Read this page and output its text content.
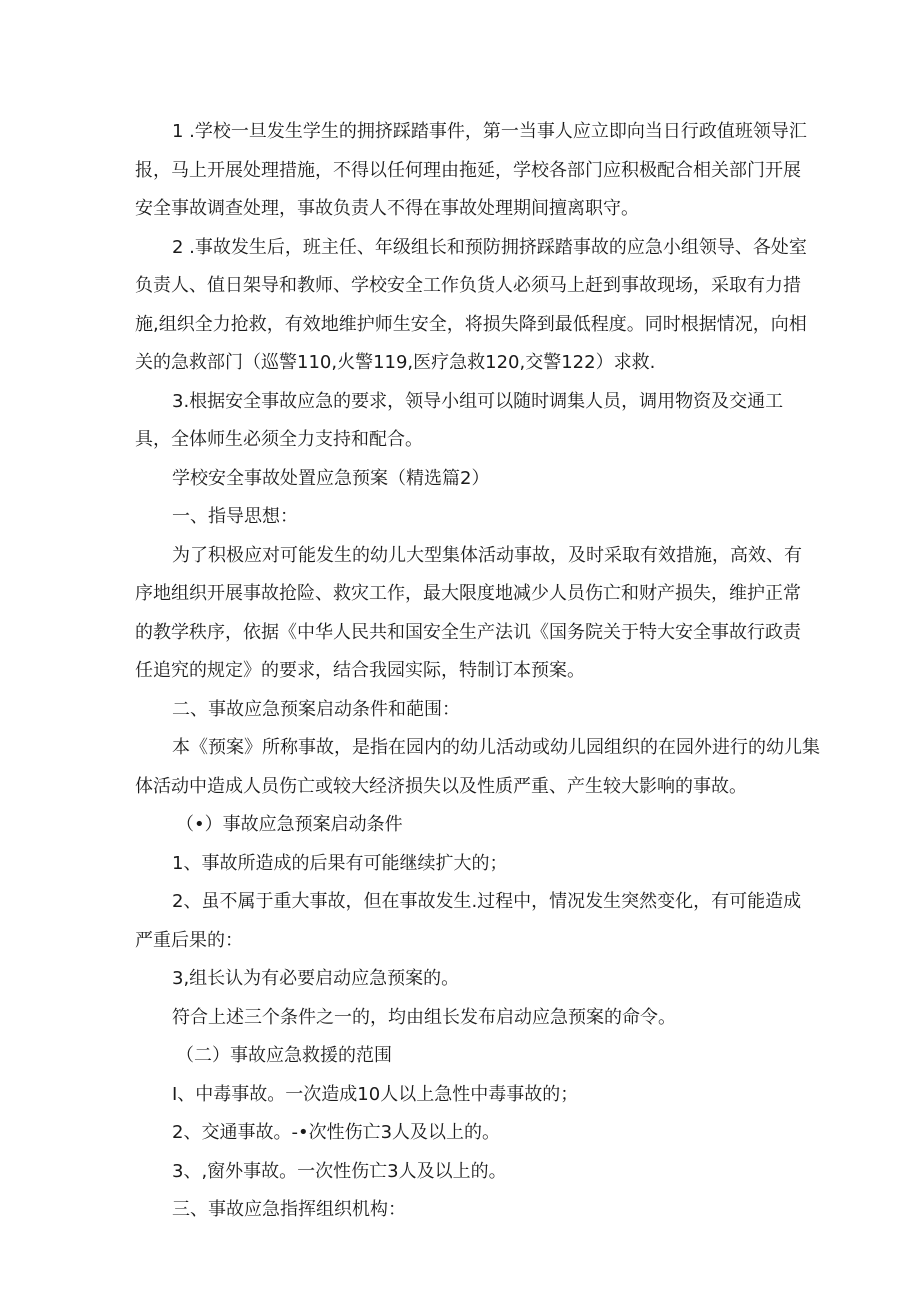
1 .学校一旦发生学生的拥挤踩踏事件，第一当事人应立即向当日行政值班领导汇

报，马上开展处理措施，不得以任何理由拖延，学校各部门应积极配合相关部门开展

安全事故调查处理，事故负责人不得在事故处理期间擅离职守。

2 .事故发生后，班主任、年级组长和预防拥挤踩踏事故的应急小组领导、各处室

负责人、值日架导和教师、学校安全工作负货人必须马上赶到事故现场，采取有力措

施,组织全力抢救，有效地维护师生安全，将损失降到最低程度。同时根据情况，向相

关的急救部门（巡警110,火警119,医疗急救120,交警122）求救.

3.根据安全事故应急的要求，领导小组可以随时调集人员，调用物资及交通工

具，全体师生必须全力支持和配合。

学校安全事故处置应急预案（精选篇2）

一、指导思想：

为了积极应对可能发生的幼儿大型集体活动事故，及时采取有效措施，高效、有

序地组织开展事故抢险、救灾工作，最大限度地减少人员伤亡和财产损失，维护正常

的教学秩序，依据《中华人民共和国安全生产法讥《国务院关于特大安全事故行政责

任追究的规定》的要求，结合我园实际，特制订本预案。

二、事故应急预案启动条件和葩围：

本《预案》所称事故，是指在园内的幼儿活动或幼儿园组织的在园外进行的幼儿集

体活动中造成人员伤亡或较大经济损失以及性质严重、产生较大影响的事故。

（•）事故应急预案启动条件

1、事故所造成的后果有可能继续扩大的；

2、虽不属于重大事故，但在事故发生.过程中，情况发生突然变化，有可能造成

严重后果的：

3,组长认为有必要启动应急预案的。

符合上述三个条件之一的，均由组长发布启动应急预案的命令。

（二）事故应急救援的范围

I、中毒事故。一次造成10人以上急性中毒事故的；

2、交通事故。-•次性伤亡3人及以上的。

3、,窗外事故。一次性伤亡3人及以上的。

三、事故应急指挥组织机构：
